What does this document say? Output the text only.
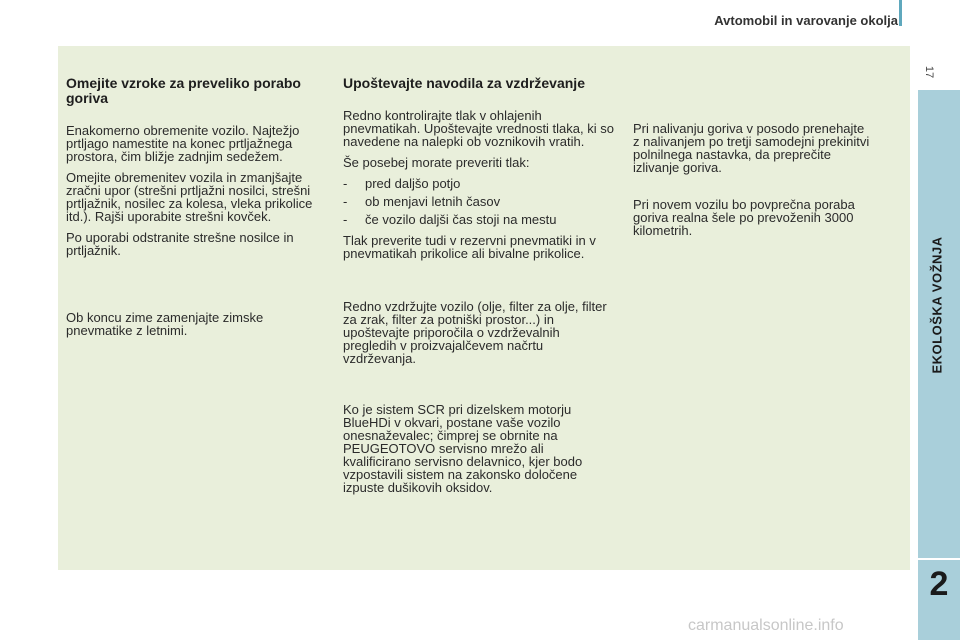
Avtomobil in varovanje okolja
17
EKOLOŠKA VOŽNJA
2
Omejite vzroke za preveliko porabo goriva

Enakomerno obremenite vozilo. Najtežjo prtljago namestite na konec prtljažnega prostora, čim bližje zadnjim sedežem.

Omejite obremenitev vozila in zmanjšajte zračni upor (strešni prtljažni nosilci, strešni prtljažnik, nosilec za kolesa, vleka prikolice itd.). Rajši uporabite strešni kovček.

Po uporabi odstranite strešne nosilce in prtljažnik.

Ob koncu zime zamenjajte zimske pnevmatike z letnimi.

Upoštevajte navodila za vzdrževanje

Redno kontrolirajte tlak v ohlajenih pnevmatikah. Upoštevajte vrednosti tlaka, ki so navedene na nalepki ob voznikovih vratih.

Še posebej morate preveriti tlak:

- pred daljšo potjo
- ob menjavi letnih časov
- če vozilo daljši čas stoji na mestu

Tlak preverite tudi v rezervni pnevmatiki in v pnevmatikah prikolice ali bivalne prikolice.

Redno vzdržujte vozilo (olje, filter za olje, filter za zrak, filter za potniški prostor...) in upoštevajte priporočila o vzdrževalnih pregledih v proizvajalčevem načrtu vzdrževanja.

Ko je sistem SCR pri dizelskem motorju BlueHDi v okvari, postane vaše vozilo onesnaževalec; čimprej se obrnite na PEUGEOTOVO servisno mrežo ali kvalificirano servisno delavnico, kjer bodo vzpostavili sistem na zakonsko določene izpuste dušikovih oksidov.

Pri nalivanju goriva v posodo prenehajte z nalivanjem po tretji samodejni prekinitvi polnilnega nastavka, da preprečite izlivanje goriva.

Pri novem vozilu bo povprečna poraba goriva realna šele po prevoženih 3000 kilometrih.

carmanualsonline.info
